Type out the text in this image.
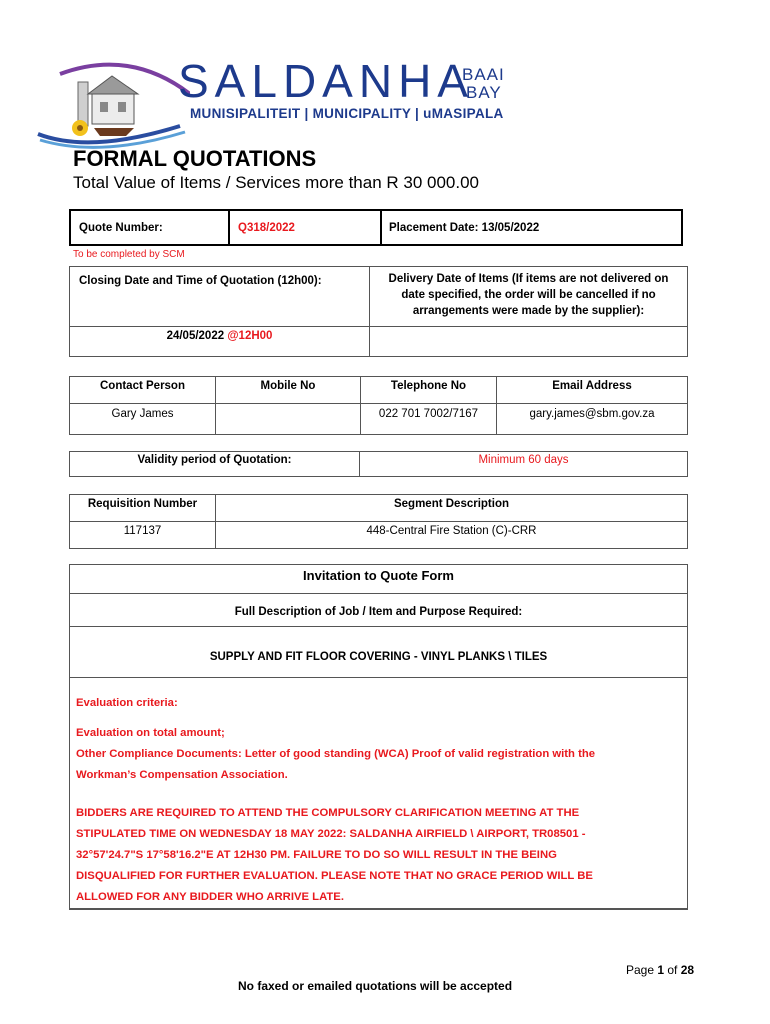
SALDANHA
BAAI
BAY
MUNISIPALITEIT | MUNICIPALITY | uMASIPALA
FORMAL QUOTATIONS
Total Value of Items / Services more than R 30 000.00
Quote Number:	Q318/2022	Placement Date: 13/05/2022
To be completed by SCM
Closing Date and Time of Quotation (12h00):	Delivery Date of Items (If items are not delivered on date specified, the order will be cancelled if no arrangements were made by the supplier):
24/05/2022 @12H00	
Contact Person	Mobile No	Telephone No	Email Address
Gary James		022 701 7002/7167	gary.james@sbm.gov.za
Validity period of Quotation:	Minimum 60 days
Requisition Number	Segment Description
117137	448-Central Fire Station (C)-CRR
Invitation to Quote Form
Full Description of Job / Item and Purpose Required:
SUPPLY AND FIT FLOOR COVERING - VINYL PLANKS \ TILES

Evaluation criteria:

Evaluation on total amount;

Other Compliance Documents: Letter of good standing (WCA) Proof of valid registration with the

Workman’s Compensation Association.

BIDDERS ARE REQUIRED TO ATTEND THE COMPULSORY CLARIFICATION MEETING AT THE

STIPULATED TIME ON WEDNESDAY 18 MAY 2022: SALDANHA AIRFIELD \ AIRPORT, TR08501 -

32°57'24.7"S 17°58'16.2"E AT 12H30 PM. FAILURE TO DO SO WILL RESULT IN THE BEING

DISQUALIFIED FOR FURTHER EVALUATION. PLEASE NOTE THAT NO GRACE PERIOD WILL BE

ALLOWED FOR ANY BIDDER WHO ARRIVE LATE.

Page 1 of 28
No faxed or emailed quotations will be accepted
